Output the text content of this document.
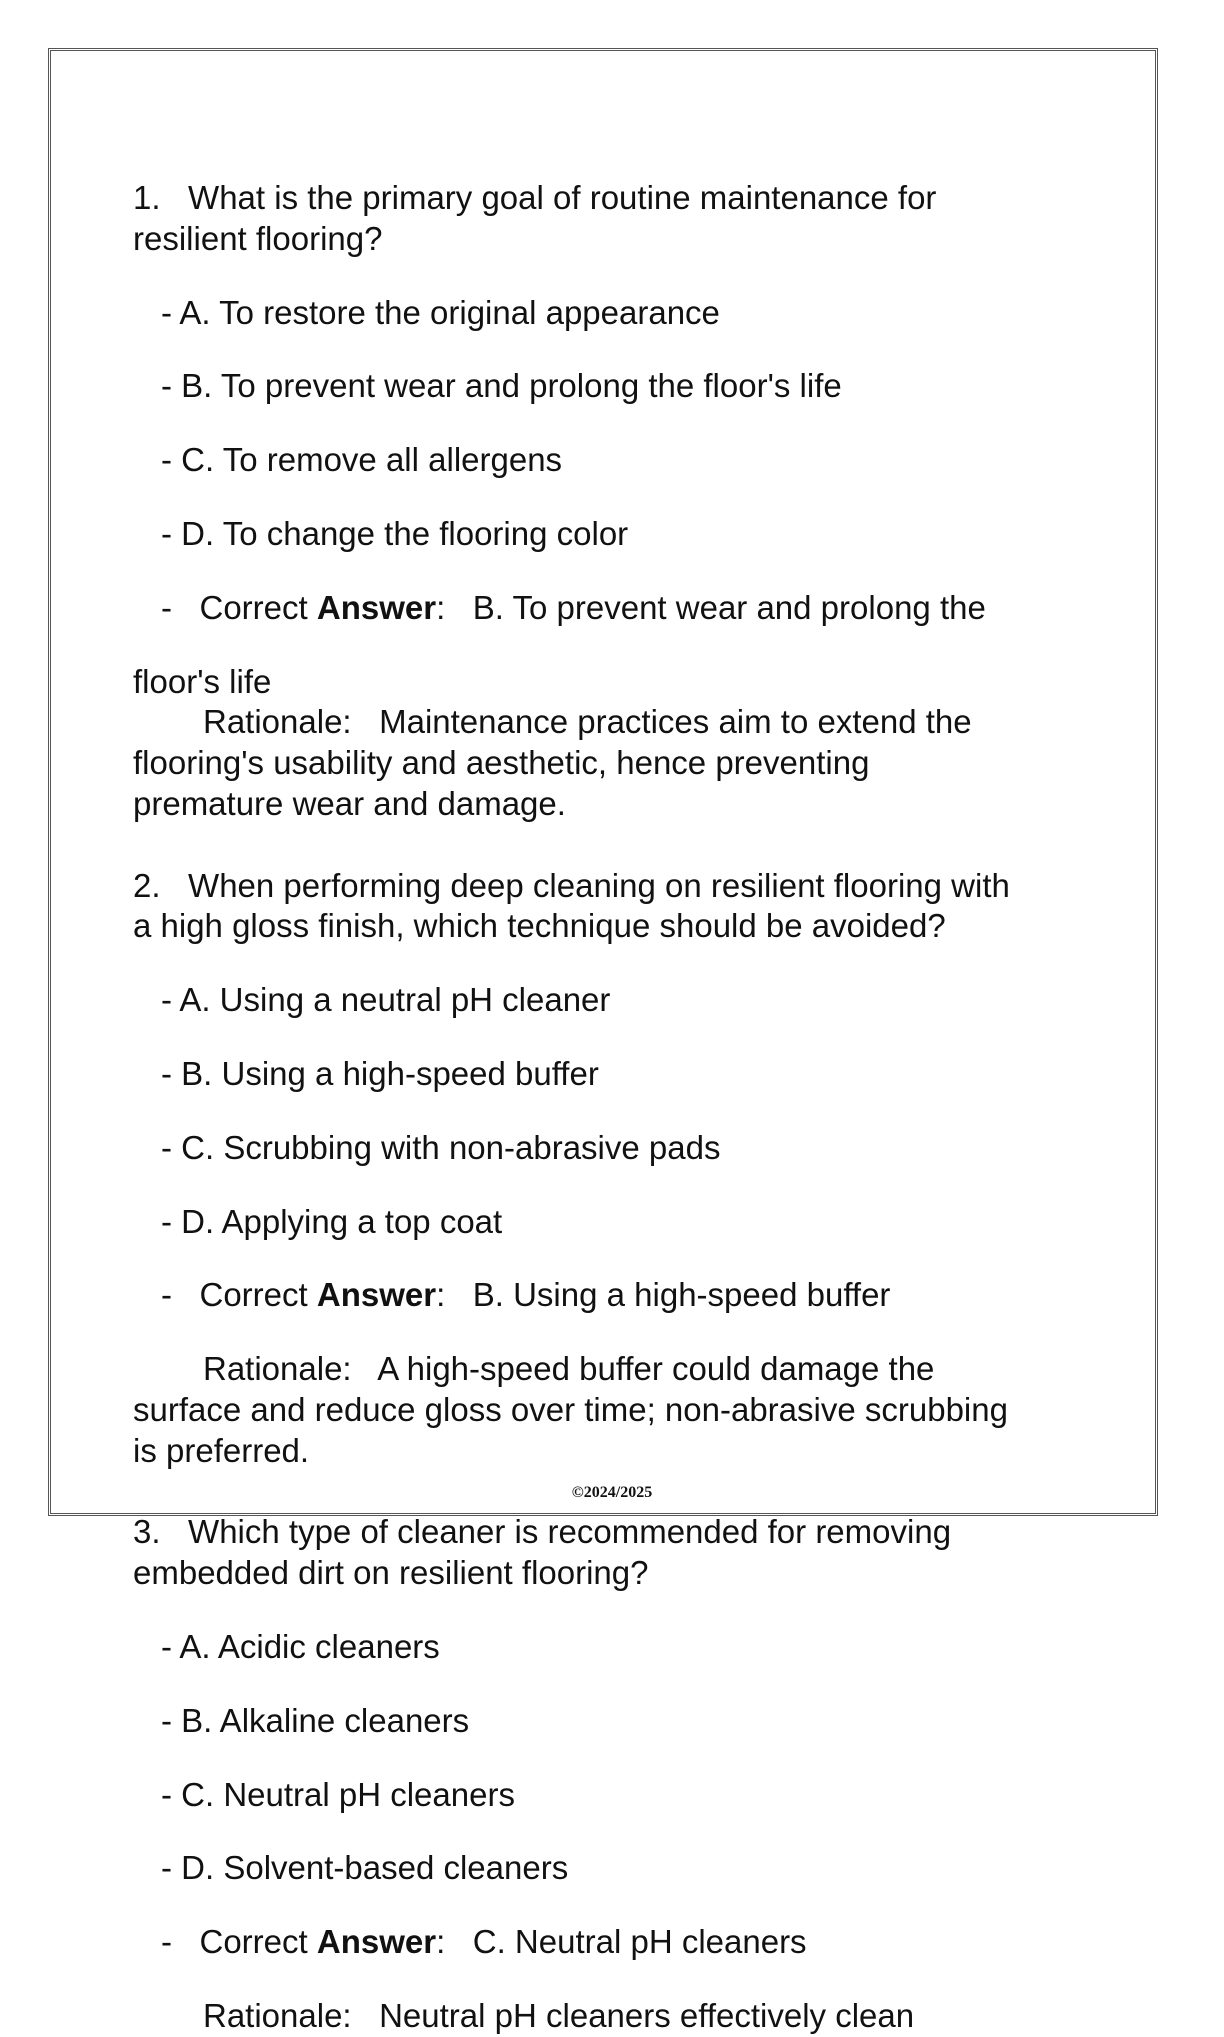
1. What is the primary goal of routine maintenance for

resilient flooring?

- A. To restore the original appearance

- B. To prevent wear and prolong the floor's life

- C. To remove all allergens

- D. To change the flooring color

-   Correct Answer:   B. To prevent wear and prolong the

floor's life

Rationale:   Maintenance practices aim to extend the

flooring's usability and aesthetic, hence preventing

premature wear and damage.

2. When performing deep cleaning on resilient flooring with

a high gloss finish, which technique should be avoided?

- A. Using a neutral pH cleaner

- B. Using a high-speed buffer

- C. Scrubbing with non-abrasive pads

- D. Applying a top coat

-   Correct Answer:   B. Using a high-speed buffer

Rationale:   A high-speed buffer could damage the

surface and reduce gloss over time; non-abrasive scrubbing

is preferred.

3. Which type of cleaner is recommended for removing

embedded dirt on resilient flooring?

- A. Acidic cleaners

- B. Alkaline cleaners

- C. Neutral pH cleaners

- D. Solvent-based cleaners

-   Correct Answer:   C. Neutral pH cleaners

Rationale:   Neutral pH cleaners effectively clean

©2024/2025
